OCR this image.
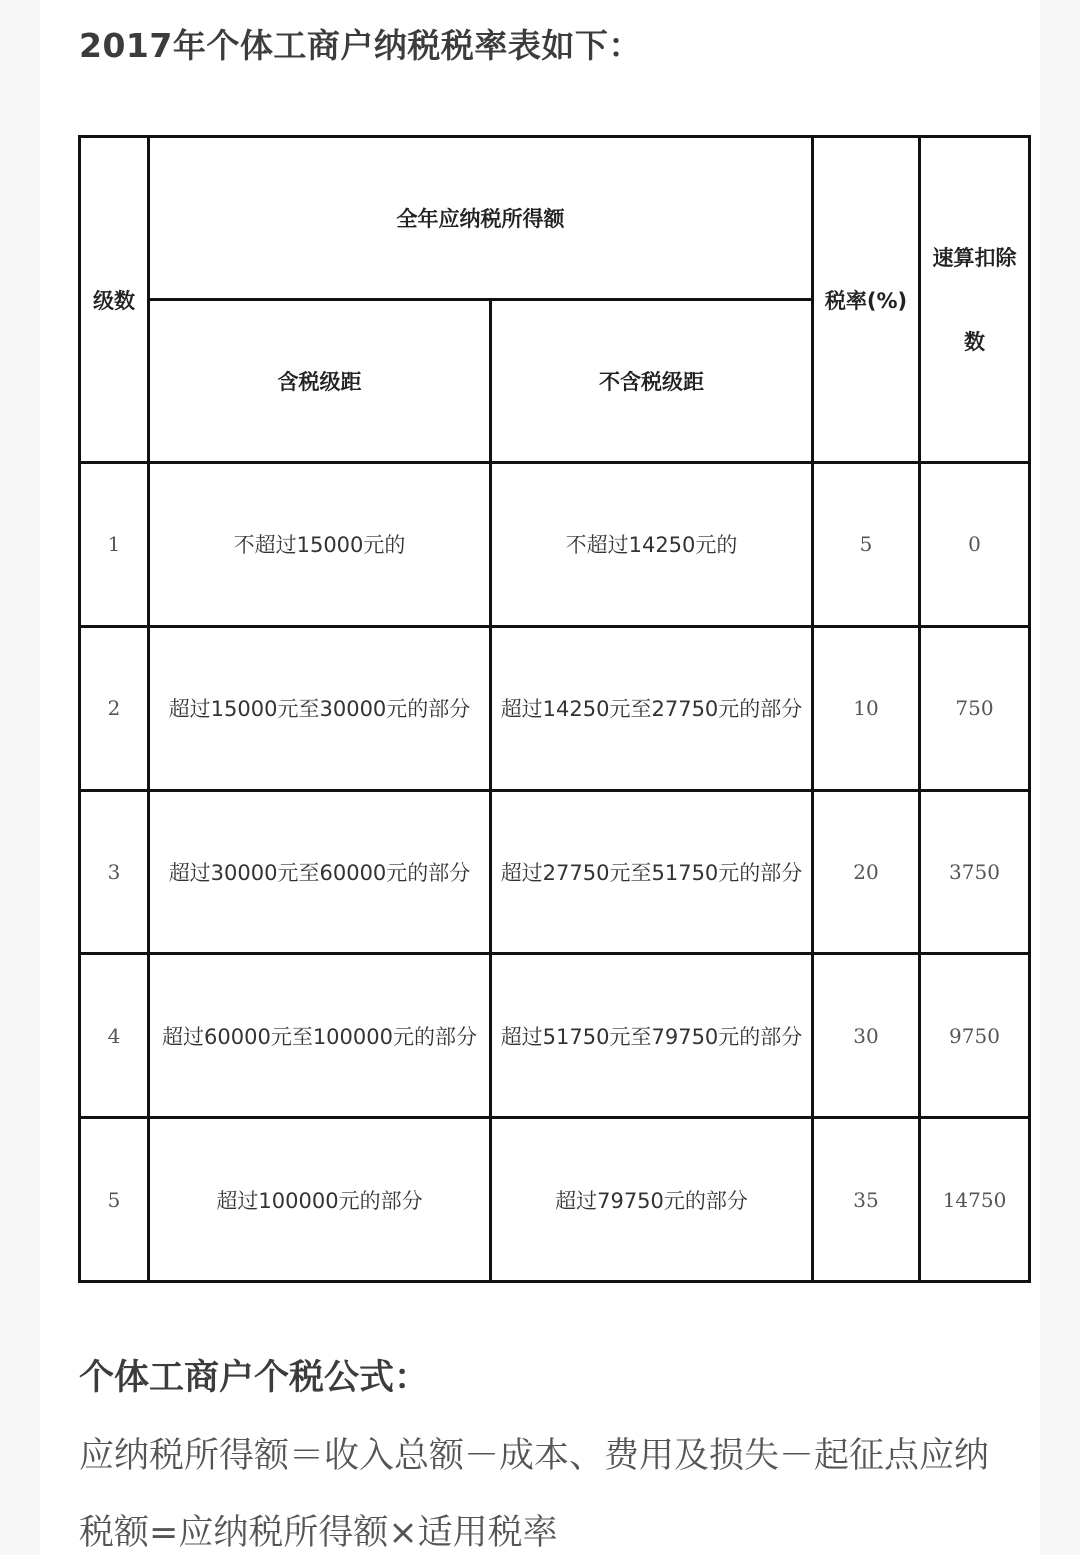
2017年个体工商户纳税税率表如下：
级数	全年应纳税所得额		税率(%)	速算扣除
数
	含税级距	不含税级距		
1	不超过15000元的	不超过14250元的	5	0
2	超过15000元至30000元的部分	超过14250元至27750元的部分	10	750
3	超过30000元至60000元的部分	超过27750元至51750元的部分	20	3750
4	超过60000元至100000元的部分	超过51750元至79750元的部分	30	9750
5	超过100000元的部分	超过79750元的部分	35	14750
个体工商户个税公式：

应纳税所得额＝收入总额－成本、费用及损失－起征点应纳

税额=应纳税所得额×适用税率
